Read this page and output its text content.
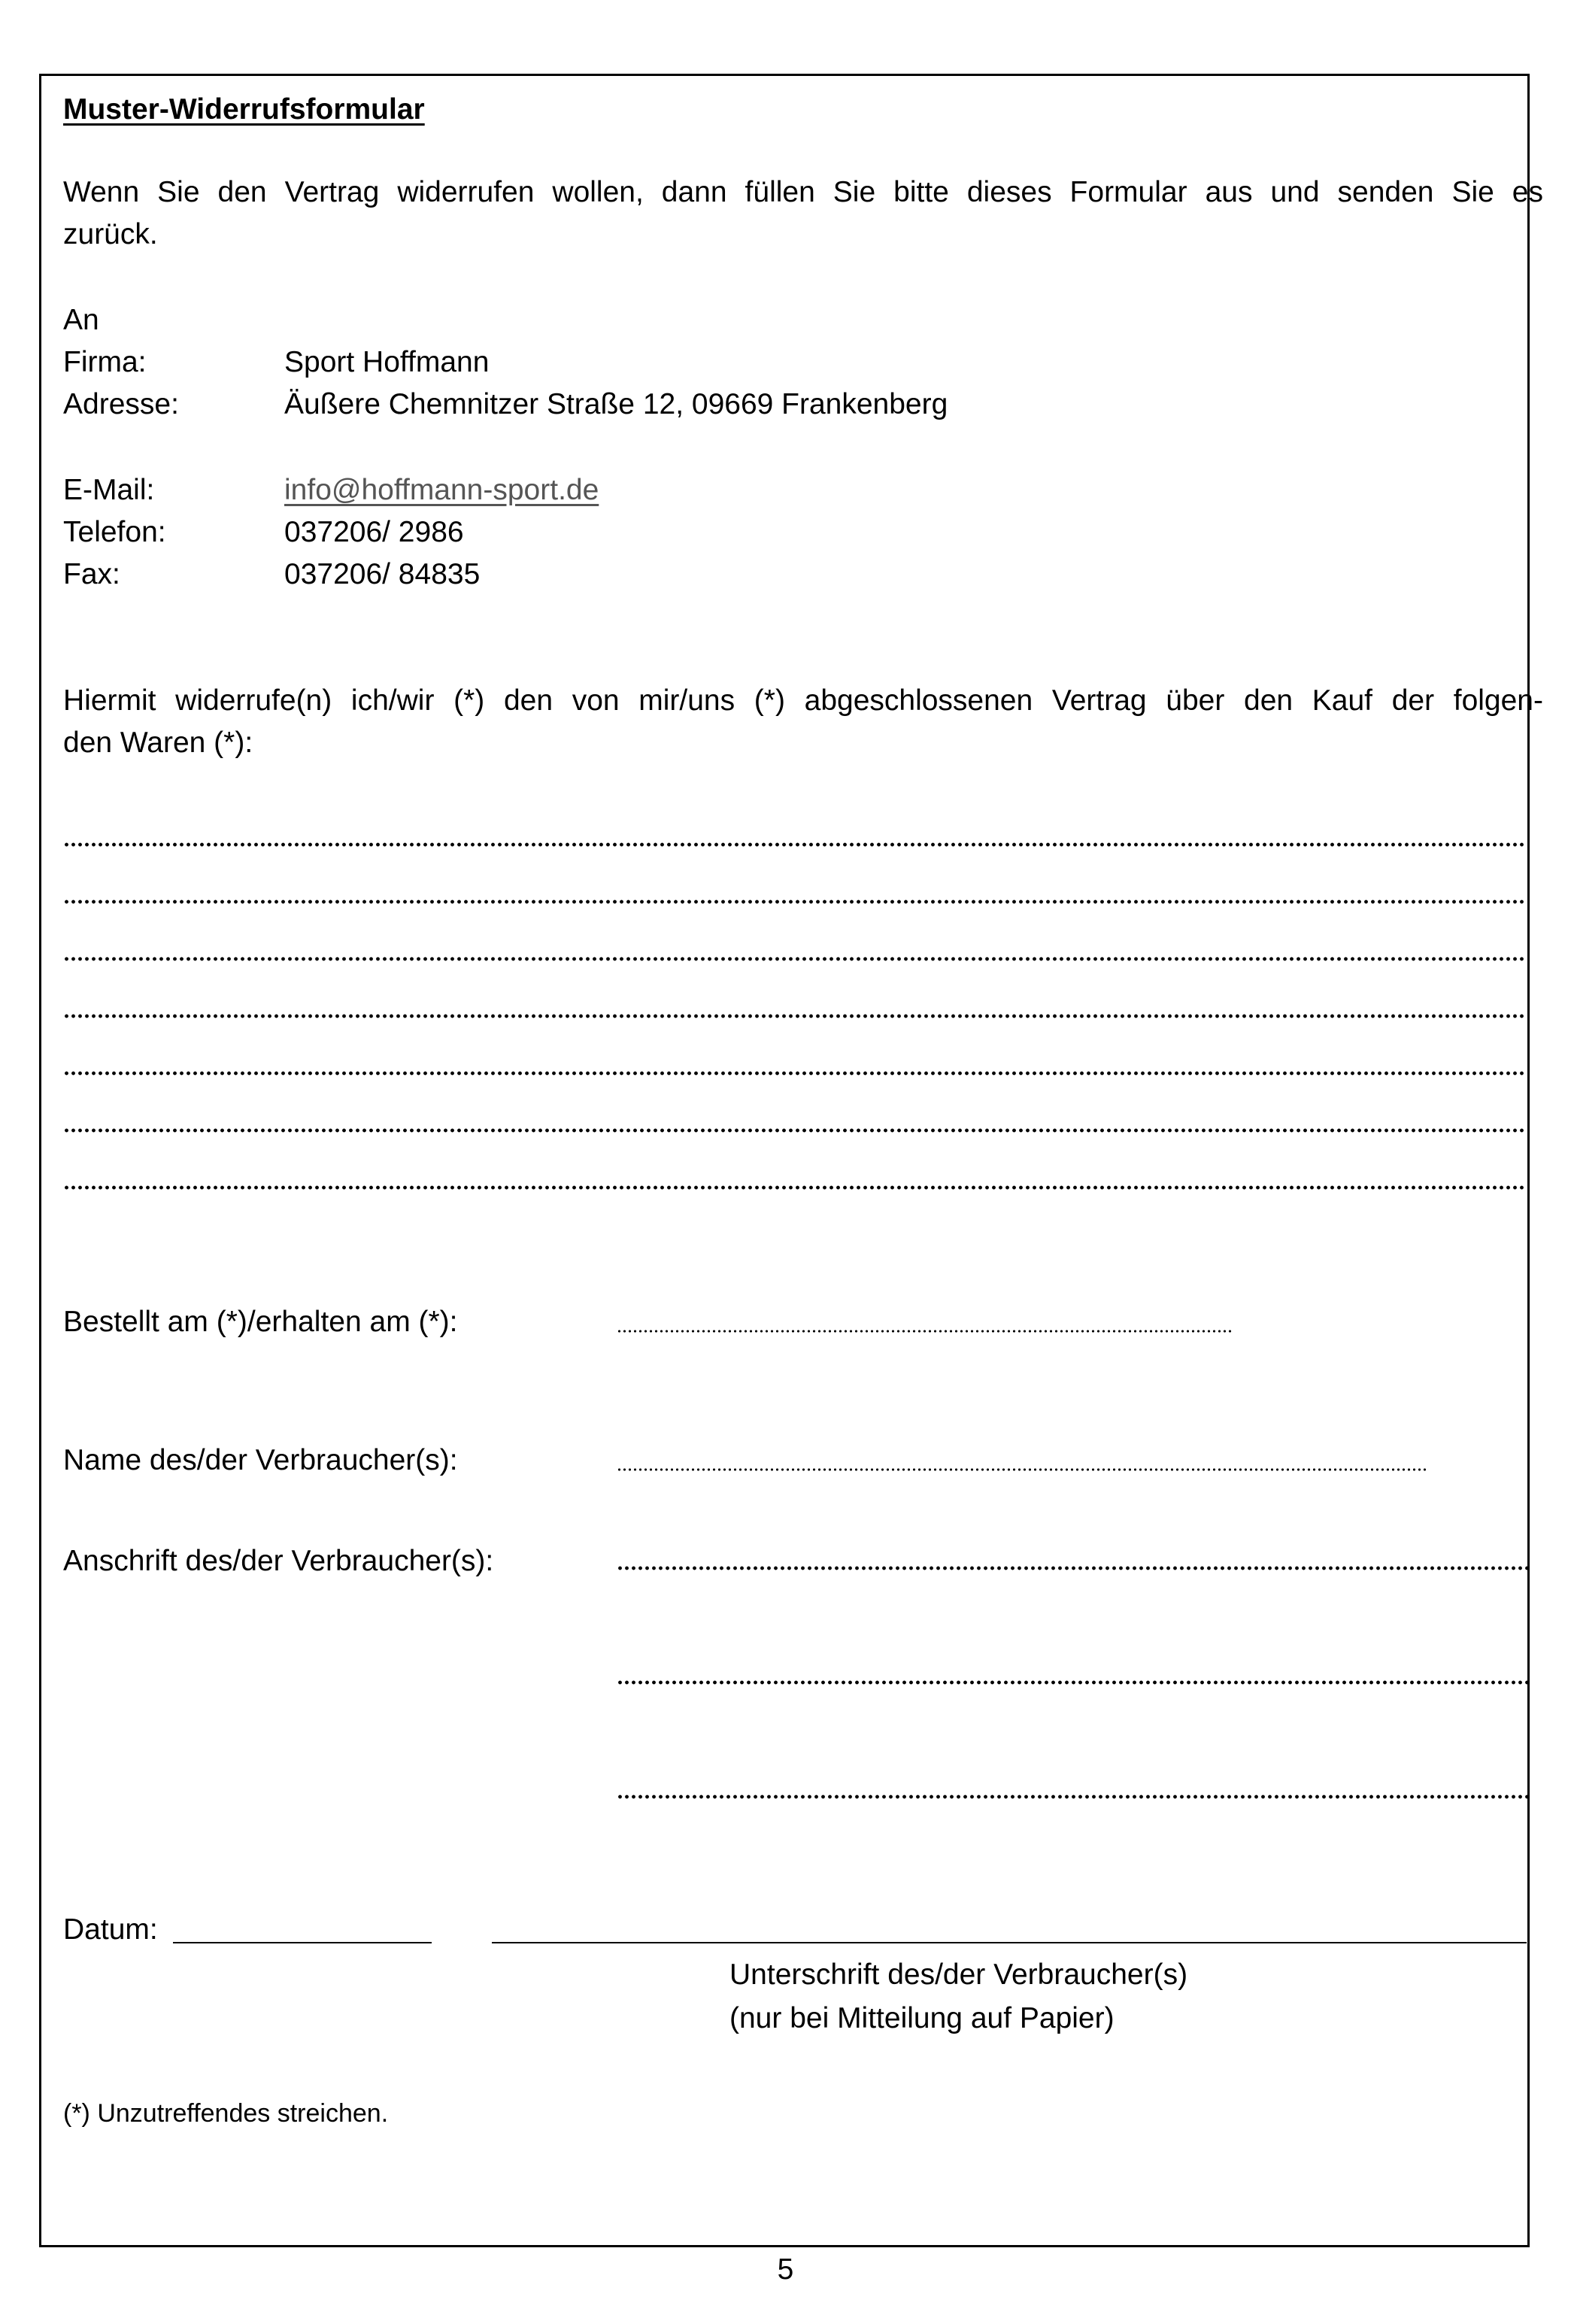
Muster-Widerrufsformular
Wenn Sie den Vertrag widerrufen wollen, dann füllen Sie bitte dieses Formular aus und senden Sie es
zurück.
An
Firma:	Sport Hoffmann
Adresse:	Äußere Chemnitzer Straße 12, 09669 Frankenberg
E-Mail:	info@hoffmann-sport.de
Telefon:	037206/ 2986
Fax:	037206/ 84835
Hiermit widerrufe(n) ich/wir (*) den von mir/uns (*) abgeschlossenen Vertrag über den Kauf der folgen-
den Waren (*):
Bestellt am (*)/erhalten am (*):
Name des/der Verbraucher(s):
Anschrift des/der Verbraucher(s):
Datum:
Unterschrift des/der Verbraucher(s)
(nur bei Mitteilung auf Papier)
(*) Unzutreffendes streichen.
5
